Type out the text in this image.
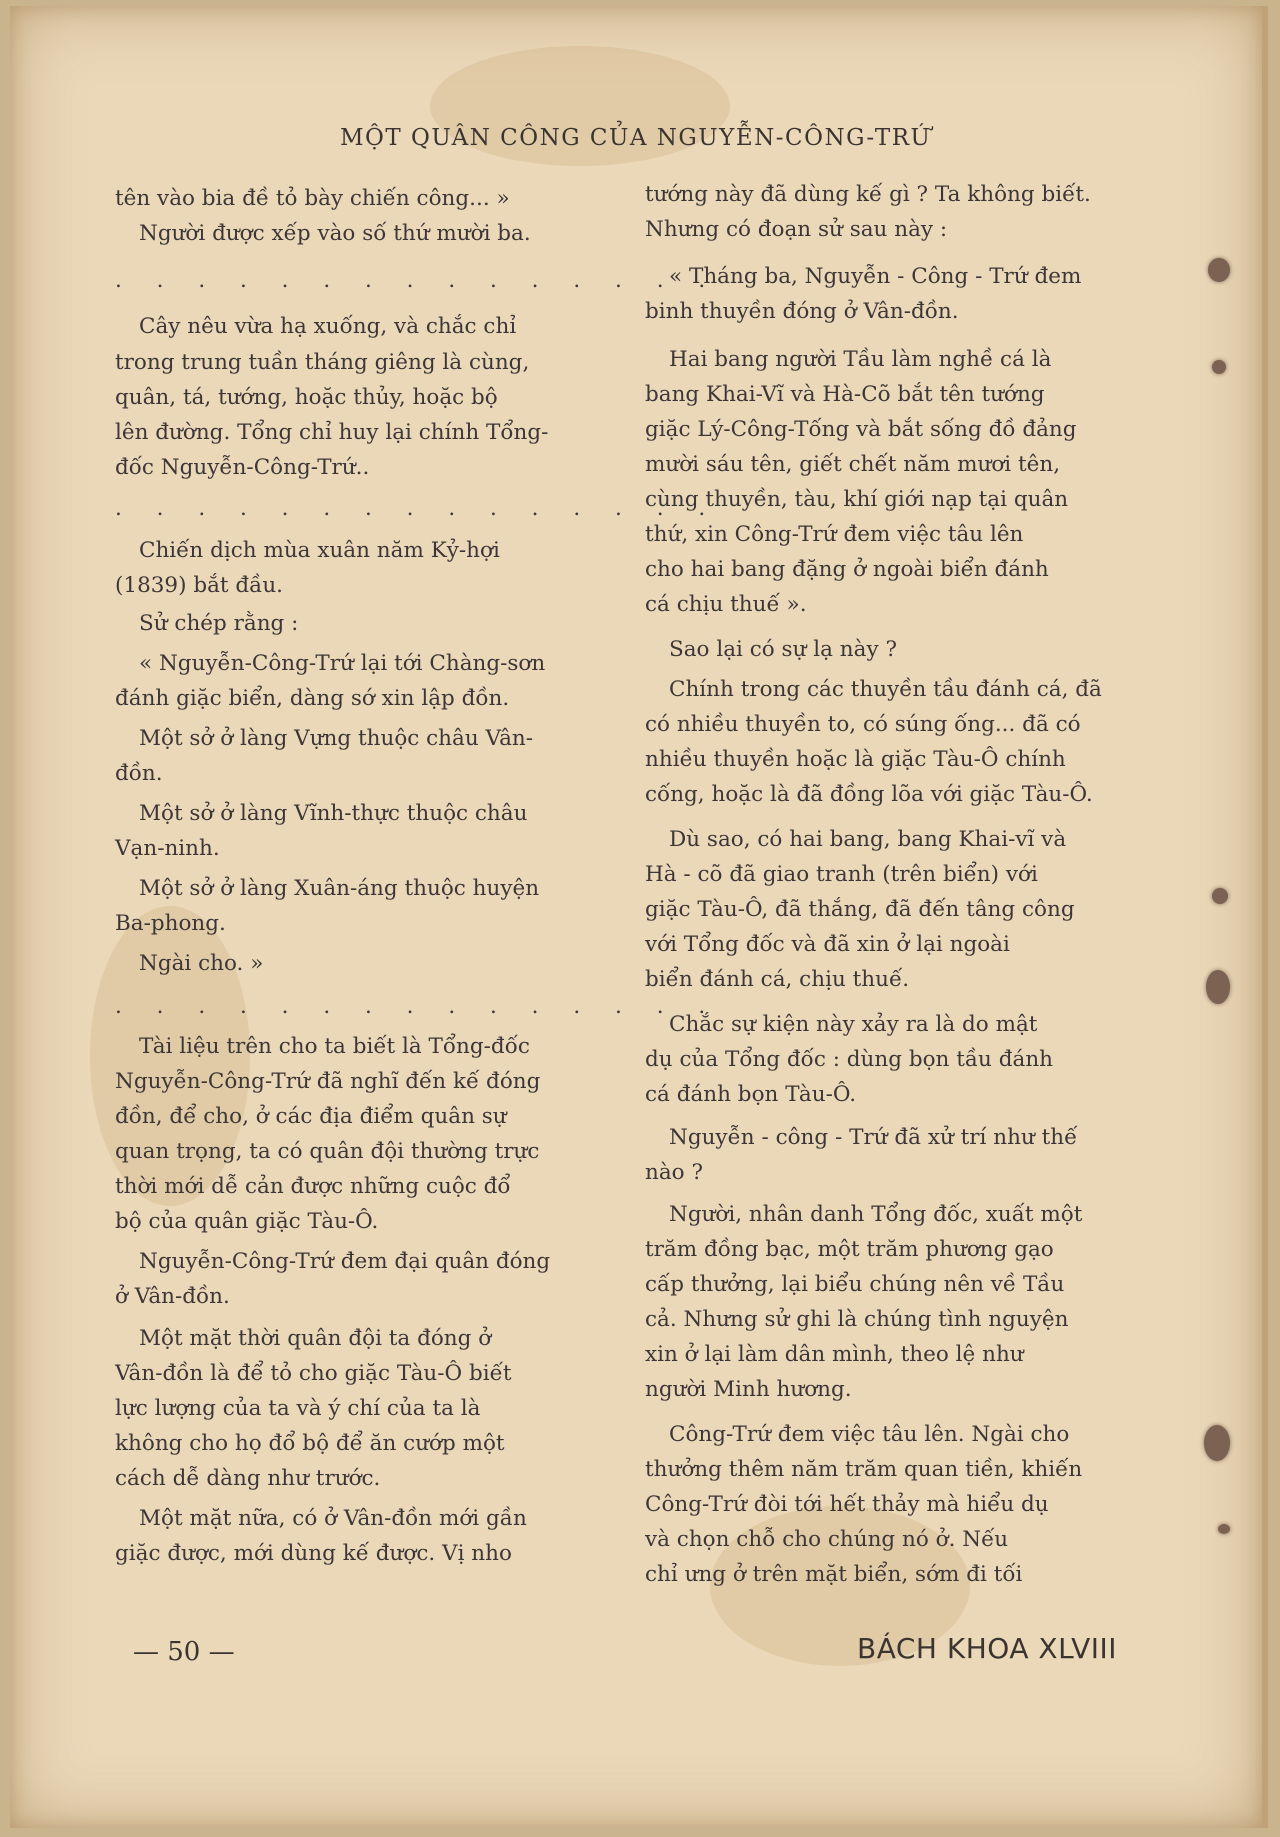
MỘT QUÂN CÔNG CỦA NGUYỄN-CÔNG-TRỨ

tên vào bia đề tỏ bày chiến công... »

Người được xếp vào số thứ mười ba.

. . . . . . . . . . . . . . .

Cây nêu vừa hạ xuống, và chắc chỉ

trong trung tuần tháng giêng là cùng,

quân, tá, tướng, hoặc thủy, hoặc bộ

lên đường. Tổng chỉ huy lại chính Tổng-

đốc Nguyễn-Công-Trứ..

. . . . . . . . . . . . . . .

Chiến dịch mùa xuân năm Kỷ-hợi

(1839) bắt đầu.

Sử chép rằng :

« Nguyễn-Công-Trứ lại tới Chàng-sơn

đánh giặc biển, dàng sớ xin lập đồn.

Một sở ở làng Vựng thuộc châu Vân-

đồn.

Một sở ở làng Vĩnh-thực thuộc châu

Vạn-ninh.

Một sở ở làng Xuân-áng thuộc huyện

Ba-phong.

Ngài cho. »

. . . . . . . . . . . . . . .

Tài liệu trên cho ta biết là Tổng-đốc

Nguyễn-Công-Trứ đã nghĩ đến kế đóng

đồn, để cho, ở các địa điểm quân sự

quan trọng, ta có quân đội thường trực

thời mới dễ cản được những cuộc đổ

bộ của quân giặc Tàu-Ô.

Nguyễn-Công-Trứ đem đại quân đóng

ở Vân-đồn.

Một mặt thời quân đội ta đóng ở

Vân-đồn là để tỏ cho giặc Tàu-Ô biết

lực lượng của ta và ý chí của ta là

không cho họ đổ bộ để ăn cướp một

cách dễ dàng như trước.

Một mặt nữa, có ở Vân-đồn mới gần

giặc được, mới dùng kế được. Vị nho

tướng này đã dùng kế gì ? Ta không biết.

Nhưng có đoạn sử sau này :

« Tháng ba, Nguyễn - Công - Trứ đem

binh thuyền đóng ở Vân-đồn.

Hai bang người Tầu làm nghề cá là

bang Khai-Vĩ và Hà-Cõ bắt tên tướng

giặc Lý-Công-Tống và bắt sống đồ đảng

mười sáu tên, giết chết năm mươi tên,

cùng thuyền, tàu, khí giới nạp tại quân

thứ, xin Công-Trứ đem việc tâu lên

cho hai bang đặng ở ngoài biển đánh

cá chịu thuế ».

Sao lại có sự lạ này ?

Chính trong các thuyền tầu đánh cá, đã

có nhiều thuyền to, có súng ống... đã có

nhiều thuyền hoặc là giặc Tàu-Ô chính

cống, hoặc là đã đồng lõa với giặc Tàu-Ô.

Dù sao, có hai bang, bang Khai-vĩ và

Hà - cõ đã giao tranh (trên biển) với

giặc Tàu-Ô, đã thắng, đã đến tâng công

với Tổng đốc và đã xin ở lại ngoài

biển đánh cá, chịu thuế.

Chắc sự kiện này xảy ra là do mật

dụ của Tổng đốc : dùng bọn tầu đánh

cá đánh bọn Tàu-Ô.

Nguyễn - công - Trứ đã xử trí như thế

nào ?

Người, nhân danh Tổng đốc, xuất một

trăm đồng bạc, một trăm phương gạo

cấp thưởng, lại biểu chúng nên về Tầu

cả. Nhưng sử ghi là chúng tình nguyện

xin ở lại làm dân mình, theo lệ như

người Minh hương.

Công-Trứ đem việc tâu lên. Ngài cho

thưởng thêm năm trăm quan tiền, khiến

Công-Trứ đòi tới hết thảy mà hiểu dụ

và chọn chỗ cho chúng nó ở. Nếu

chỉ ưng ở trên mặt biển, sớm đi tối

— 50 —	BÁCH KHOA XLVIII
